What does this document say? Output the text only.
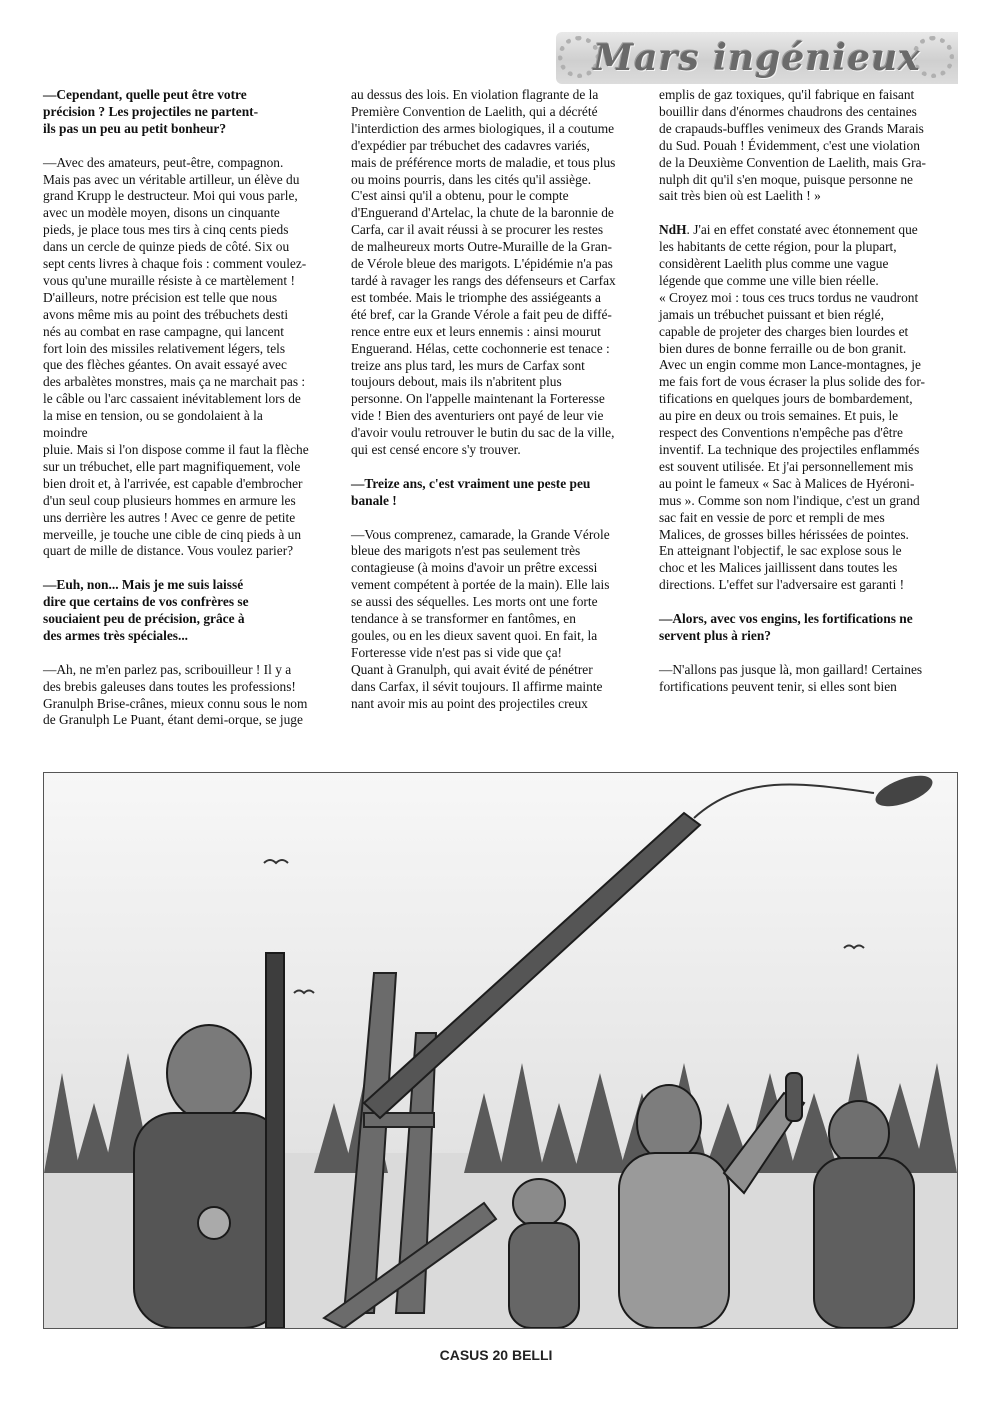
Mars ingénieux

—Cependant, quelle peut être votre
précision ? Les projectiles ne partent-
ils pas un peu au petit bonheur?

—Avec des amateurs, peut-être, compagnon.
Mais pas avec un véritable artilleur, un élève du
grand Krupp le destructeur. Moi qui vous parle,
avec un modèle moyen, disons un cinquante
pieds, je place tous mes tirs à cinq cents pieds
dans un cercle de quinze pieds de côté. Six ou
sept cents livres à chaque fois : comment voulez-
vous qu'une muraille résiste à ce martèlement !
D'ailleurs, notre précision est telle que nous
avons même mis au point des trébuchets desti
nés au combat en rase campagne, qui lancent
fort loin des missiles relativement légers, tels
que des flèches géantes. On avait essayé avec
des arbalètes monstres, mais ça ne marchait pas :
le câble ou l'arc cassaient inévitablement lors de
la mise en tension, ou se gondolaient à la
moindre
pluie. Mais si l'on dispose comme il faut la flèche
sur un trébuchet, elle part magnifiquement, vole
bien droit et, à l'arrivée, est capable d'embrocher
d'un seul coup plusieurs hommes en armure les
uns derrière les autres ! Avec ce genre de petite
merveille, je touche une cible de cinq pieds à un
quart de mille de distance. Vous voulez parier?

—Euh, non... Mais je me suis laissé
dire que certains de vos confrères se
souciaient peu de précision, grâce à
des armes très spéciales...

—Ah, ne m'en parlez pas, scribouilleur ! Il y a
des brebis galeuses dans toutes les professions!
Granulph Brise-crânes, mieux connu sous le nom
de Granulph Le Puant, étant demi-orque, se juge

au dessus des lois. En violation flagrante de la
Première Convention de Laelith, qui a décrété
l'interdiction des armes biologiques, il a coutume
d'expédier par trébuchet des cadavres variés,
mais de préférence morts de maladie, et tous plus
ou moins pourris, dans les cités qu'il assiège.
C'est ainsi qu'il a obtenu, pour le compte
d'Enguerand d'Artelac, la chute de la baronnie de
Carfa, car il avait réussi à se procurer les restes
de malheureux morts Outre-Muraille de la Gran-
de Vérole bleue des marigots. L'épidémie n'a pas
tardé à ravager les rangs des défenseurs et Carfax
est tombée. Mais le triomphe des assiégeants a
été bref, car la Grande Vérole a fait peu de diffé-
rence entre eux et leurs ennemis : ainsi mourut
Enguerand. Hélas, cette cochonnerie est tenace :
treize ans plus tard, les murs de Carfax sont
toujours debout, mais ils n'abritent plus
personne. On l'appelle maintenant la Forteresse
vide ! Bien des aventuriers ont payé de leur vie
d'avoir voulu retrouver le butin du sac de la ville,
qui est censé encore s'y trouver.

—Treize ans, c'est vraiment une peste peu
banale !

—Vous comprenez, camarade, la Grande Vérole
bleue des marigots n'est pas seulement très
contagieuse (à moins d'avoir un prêtre excessi
vement compétent à portée de la main). Elle lais
se aussi des séquelles. Les morts ont une forte
tendance à se transformer en fantômes, en
goules, ou en les dieux savent quoi. En fait, la
Forteresse vide n'est pas si vide que ça!
Quant à Granulph, qui avait évité de pénétrer
dans Carfax, il sévit toujours. Il affirme mainte
nant avoir mis au point des projectiles creux

emplis de gaz toxiques, qu'il fabrique en faisant
bouillir dans d'énormes chaudrons des centaines
de crapauds-buffles venimeux des Grands Marais
du Sud. Pouah ! Évidemment, c'est une violation
de la Deuxième Convention de Laelith, mais Gra-
nulph dit qu'il s'en moque, puisque personne ne
sait très bien où est Laelith ! »

NdH. J'ai en effet constaté avec étonnement que
les habitants de cette région, pour la plupart,
considèrent Laelith plus comme une vague
légende que comme une ville bien réelle.
« Croyez moi : tous ces trucs tordus ne vaudront
jamais un trébuchet puissant et bien réglé,
capable de projeter des charges bien lourdes et
bien dures de bonne ferraille ou de bon granit.
Avec un engin comme mon Lance-montagnes, je
me fais fort de vous écraser la plus solide des for-
tifications en quelques jours de bombardement,
au pire en deux ou trois semaines. Et puis, le
respect des Conventions n'empêche pas d'être
inventif. La technique des projectiles enflammés
est souvent utilisée. Et j'ai personnellement mis
au point le fameux « Sac à Malices de Hyéroni-
mus ». Comme son nom l'indique, c'est un grand
sac fait en vessie de porc et rempli de mes
Malices, de grosses billes hérissées de pointes.
En atteignant l'objectif, le sac explose sous le
choc et les Malices jaillissent dans toutes les
directions. L'effet sur l'adversaire est garanti !

—Alors, avec vos engins, les fortifications ne
servent plus à rien?

—N'allons pas jusque là, mon gaillard! Certaines
fortifications peuvent tenir, si elles sont bien

CASUS 20 BELLI
